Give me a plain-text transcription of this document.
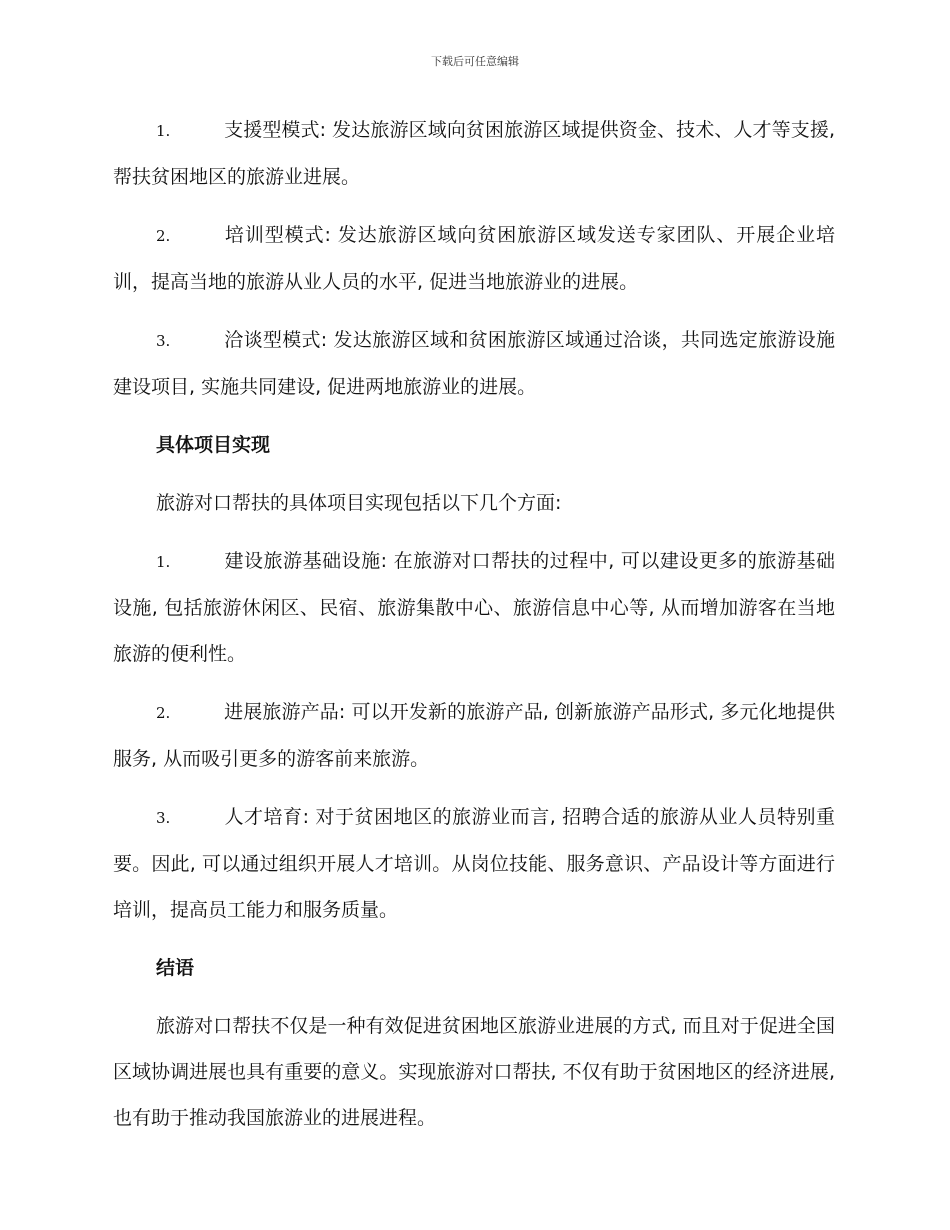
下载后可任意编辑

1.	支援型模式: 发达旅游区域向贫困旅游区域提供资金、技术、人才等支援, 帮扶贫困地区的旅游业进展。

2.	培训型模式: 发达旅游区域向贫困旅游区域发送专家团队、开展企业培训，提高当地的旅游从业人员的水平, 促进当地旅游业的进展。

3.	洽谈型模式: 发达旅游区域和贫困旅游区域通过洽谈，共同选定旅游设施建设项目, 实施共同建设, 促进两地旅游业的进展。

具体项目实现

旅游对口帮扶的具体项目实现包括以下几个方面:

1.	建设旅游基础设施: 在旅游对口帮扶的过程中, 可以建设更多的旅游基础设施, 包括旅游休闲区、民宿、旅游集散中心、旅游信息中心等, 从而增加游客在当地旅游的便利性。

2.	进展旅游产品: 可以开发新的旅游产品, 创新旅游产品形式, 多元化地提供服务, 从而吸引更多的游客前来旅游。

3.	人才培育: 对于贫困地区的旅游业而言, 招聘合适的旅游从业人员特别重要。因此, 可以通过组织开展人才培训。从岗位技能、服务意识、产品设计等方面进行培训，提高员工能力和服务质量。

结语

旅游对口帮扶不仅是一种有效促进贫困地区旅游业进展的方式, 而且对于促进全国区域协调进展也具有重要的意义。实现旅游对口帮扶, 不仅有助于贫困地区的经济进展, 也有助于推动我国旅游业的进展进程。
